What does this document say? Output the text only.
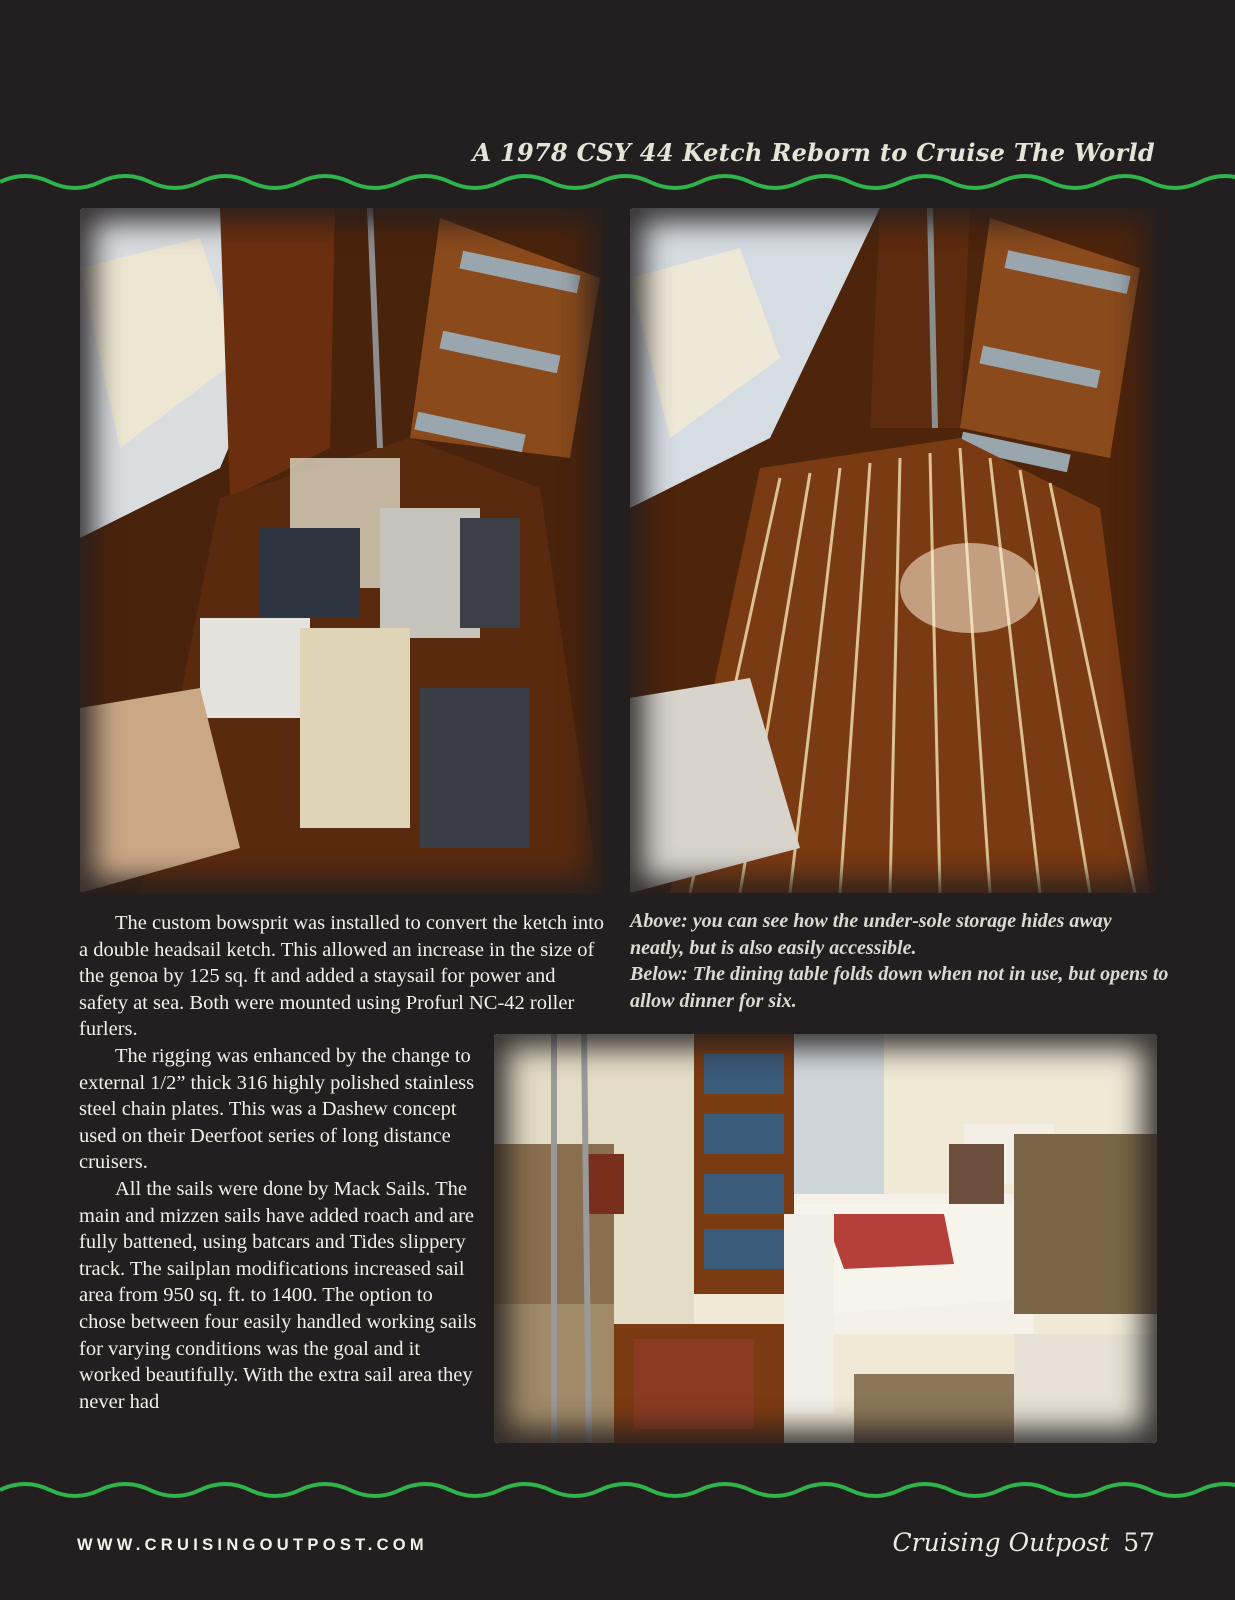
A 1978 CSY 44 Ketch Reborn to Cruise The World

The custom bowsprit was installed to convert the ketch into a double headsail ketch. This allowed an increase in the size of the genoa by 125 sq. ft and added a staysail for power and safety at sea. Both were mounted using Profurl NC-42 roller furlers.

The rigging was enhanced by the change to external 1/2” thick 316 highly polished stainless steel chain plates. This was a Dashew concept used on their Deerfoot series of long distance cruisers.

All the sails were done by Mack Sails. The main and mizzen sails have added roach and are fully battened, using batcars and Tides slippery track. The sailplan modifications increased sail area from 950 sq. ft. to 1400. The option to chose between four easily handled working sails for varying conditions was the goal and it worked beautifully. With the extra sail area they never had

Above: you can see how the under-sole storage hides away neatly, but is also easily accessible.
Below: The dining table folds down when not in use, but opens to allow dinner for six.
WWW.CRUISINGOUTPOST.COM	Cruising Outpost 57
